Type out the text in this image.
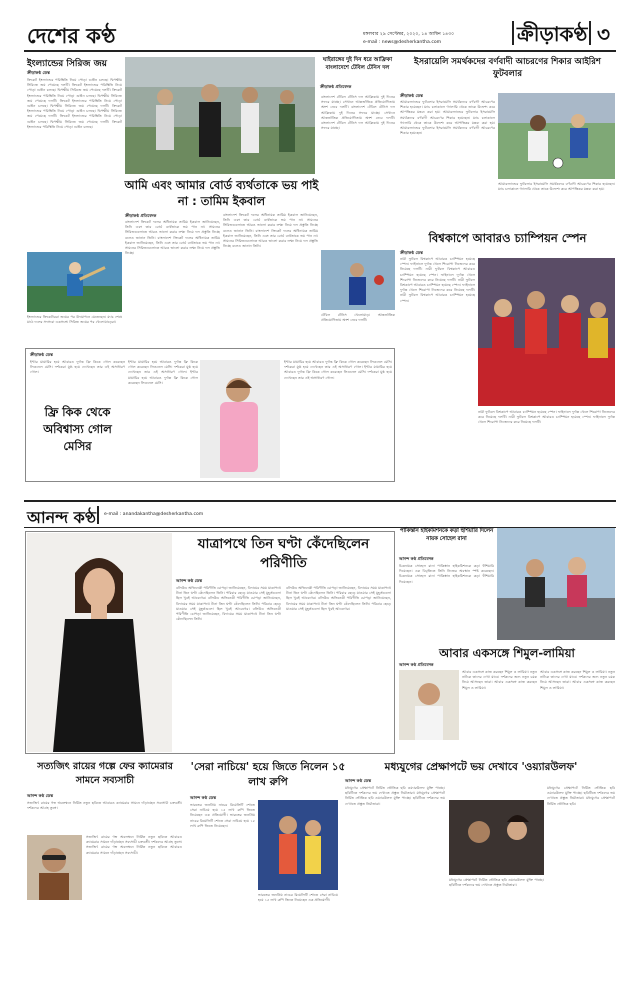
দেশের কণ্ঠ	মঙ্গলবার ২৯ সেপ্টেম্বর, ২০২০, ১৪ আশ্বিন ১৪৩০
e-mail : news@desherkantha.com	ক্রীড়াকণ্ঠ ৩
ইংল্যান্ডের সিরিজ জয়
ক্রীড়াকণ্ঠ ডেস্ক
ক্রিকেট ইংল্যান্ডের পরিস্থিতি নিয়ে পোড়া গুঞ্জন চলছে। দ্বিপক্ষীয় সিরিজে জয় পেয়েছে দলটি। ক্রিকেট ইংল্যান্ডের পরিস্থিতি নিয়ে পোড়া গুঞ্জন চলছে। দ্বিপক্ষীয় সিরিজে জয় পেয়েছে দলটি। ক্রিকেট ইংল্যান্ডের পরিস্থিতি নিয়ে পোড়া গুঞ্জন চলছে। দ্বিপক্ষীয় সিরিজে জয় পেয়েছে দলটি। ক্রিকেট ইংল্যান্ডের পরিস্থিতি নিয়ে পোড়া গুঞ্জন চলছে। দ্বিপক্ষীয় সিরিজে জয় পেয়েছে দলটি। ক্রিকেট ইংল্যান্ডের পরিস্থিতি নিয়ে পোড়া গুঞ্জন চলছে। দ্বিপক্ষীয় সিরিজে জয় পেয়েছে দলটি। ক্রিকেট ইংল্যান্ডের পরিস্থিতি নিয়ে পোড়া গুঞ্জন চলছে। দ্বিপক্ষীয় সিরিজে জয় পেয়েছে দলটি। ক্রিকেট ইংল্যান্ডের পরিস্থিতি নিয়ে পোড়া গুঞ্জন চলছে।
ইংল্যান্ডের ক্রিকেটাররা জয়ের পর উদযাপনে মেতেছেন। ম্যাচ শেষে মাঠে দলের সদস্যরা একসঙ্গে। সিরিজ জয়ের পর খেলোয়াড়েরা।
ঘাইরাঙ্গের দুই দিন ধরে আফ্রিকা বাংলাদেশে টেবিল টেনিস দল
ক্রীড়াকণ্ঠ প্রতিবেদক
ইসরায়েলি সমর্থকদের বর্ণবাদী আচরণের শিকার আইরিশ ফুটবলার
ক্রীড়াকণ্ঠ ডেস্ক
আয়ারল্যান্ডের ফুটবলার ইসরায়েলি সমর্থকদের বর্ণবাদী আচরণের শিকার হয়েছেন। ম্যাচ চলাকালে গ্যালারি থেকে তাকে উদ্দেশ্য করে আপত্তিকর মন্তব্য করা হয়। আয়ারল্যান্ডের ফুটবলার ইসরায়েলি সমর্থকদের বর্ণবাদী আচরণের শিকার হয়েছেন। ম্যাচ চলাকালে গ্যালারি থেকে তাকে উদ্দেশ্য করে আপত্তিকর মন্তব্য করা হয়। আয়ারল্যান্ডের ফুটবলার ইসরায়েলি সমর্থকদের বর্ণবাদী আচরণের শিকার হয়েছেন।
আয়ারল্যান্ডের ফুটবলার ইসরায়েলি সমর্থকদের বর্ণবাদী আচরণের শিকার হয়েছেন। ম্যাচ চলাকালে গ্যালারি থেকে তাকে উদ্দেশ্য করে আপত্তিকর মন্তব্য করা হয়।
আমি এবং আমার বোর্ড ব্যর্থতাকে ভয় পাই না : তামিম ইকবাল
ক্রীড়াকণ্ঠ প্রতিবেদক
বাংলাদেশ ক্রিকেট দলের অধিনায়ক তামিম ইকবাল জানিয়েছেন, তিনি এবং তার বোর্ড ব্যর্থতাকে ভয় পান না। সামনের সিরিজগুলোতে আরও ভালো করার লক্ষ্য নিয়ে দল প্রস্তুতি নিচ্ছে বলেও জানান তিনি। বাংলাদেশ ক্রিকেট দলের অধিনায়ক তামিম ইকবাল জানিয়েছেন, তিনি এবং তার বোর্ড ব্যর্থতাকে ভয় পান না। সামনের সিরিজগুলোতে আরও ভালো করার লক্ষ্য নিয়ে দল প্রস্তুতি নিচ্ছে।
বাংলাদেশ ক্রিকেট দলের অধিনায়ক তামিম ইকবাল জানিয়েছেন, তিনি এবং তার বোর্ড ব্যর্থতাকে ভয় পান না। সামনের সিরিজগুলোতে আরও ভালো করার লক্ষ্য নিয়ে দল প্রস্তুতি নিচ্ছে বলেও জানান তিনি। বাংলাদেশ ক্রিকেট দলের অধিনায়ক তামিম ইকবাল জানিয়েছেন, তিনি এবং তার বোর্ড ব্যর্থতাকে ভয় পান না। সামনের সিরিজগুলোতে আরও ভালো করার লক্ষ্য নিয়ে দল প্রস্তুতি নিচ্ছে বলেও জানান তিনি।
বাংলাদেশ টেবিল টেনিস দল আফ্রিকায় দুই দিনের সফরে যাচ্ছে। সেখানে আন্তর্জাতিক প্রতিযোগিতায় অংশ নেবে দলটি। বাংলাদেশ টেবিল টেনিস দল আফ্রিকায় দুই দিনের সফরে যাচ্ছে। সেখানে আন্তর্জাতিক প্রতিযোগিতায় অংশ নেবে দলটি। বাংলাদেশ টেবিল টেনিস দল আফ্রিকায় দুই দিনের সফরে যাচ্ছে।
টেবিল টেনিস খেলোয়াড়। আন্তর্জাতিক প্রতিযোগিতায় অংশ নেবে দলটি।
বিশ্বকাপে আবারও চ্যাম্পিয়ন স্পেন
ক্রীড়াকণ্ঠ ডেস্ক
নারী ফুটবল বিশ্বকাপে আবারও চ্যাম্পিয়ন হয়েছে স্পেন। ফাইনালে দুর্দান্ত খেলে শিরোপা নিজেদের করে নিয়েছে দলটি। নারী ফুটবল বিশ্বকাপে আবারও চ্যাম্পিয়ন হয়েছে স্পেন। ফাইনালে দুর্দান্ত খেলে শিরোপা নিজেদের করে নিয়েছে দলটি। নারী ফুটবল বিশ্বকাপে আবারও চ্যাম্পিয়ন হয়েছে স্পেন। ফাইনালে দুর্দান্ত খেলে শিরোপা নিজেদের করে নিয়েছে দলটি। নারী ফুটবল বিশ্বকাপে আবারও চ্যাম্পিয়ন হয়েছে স্পেন।
নারী ফুটবল বিশ্বকাপে আবারও চ্যাম্পিয়ন হয়েছে স্পেন। ফাইনালে দুর্দান্ত খেলে শিরোপা নিজেদের করে নিয়েছে দলটি। নারী ফুটবল বিশ্বকাপে আবারও চ্যাম্পিয়ন হয়েছে স্পেন। ফাইনালে দুর্দান্ত খেলে শিরোপা নিজেদের করে নিয়েছে দলটি।
ক্রীড়াকণ্ঠ ডেস্ক
ইন্টার মায়ামির হয়ে আবারও দুর্দান্ত ফ্রি কিকে গোল করেছেন লিওনেল মেসি। দর্শকেরা মুগ্ধ হয়ে দেখেছেন তার এই অসাধারণ গোল।
ফ্রি কিক থেকে অবিশ্বাস্য গোল মেসির
ইন্টার মায়ামির হয়ে আবারও দুর্দান্ত ফ্রি কিকে গোল করেছেন লিওনেল মেসি। দর্শকেরা মুগ্ধ হয়ে দেখেছেন তার এই অসাধারণ গোল। ইন্টার মায়ামির হয়ে আবারও দুর্দান্ত ফ্রি কিকে গোল করেছেন লিওনেল মেসি।
ইন্টার মায়ামির হয়ে আবারও দুর্দান্ত ফ্রি কিকে গোল করেছেন লিওনেল মেসি। দর্শকেরা মুগ্ধ হয়ে দেখেছেন তার এই অসাধারণ গোল। ইন্টার মায়ামির হয়ে আবারও দুর্দান্ত ফ্রি কিকে গোল করেছেন লিওনেল মেসি। দর্শকেরা মুগ্ধ হয়ে দেখেছেন তার এই অসাধারণ গোল।
আনন্দ কণ্ঠ e-mail : anandakantha@desherkantha.com
যাত্রাপথে তিন ঘণ্টা কেঁদেছিলেন পরিণীতি
আনন্দ কণ্ঠ ডেস্ক
বলিউড অভিনেত্রী পরিণীতি চোপড়া জানিয়েছেন, বিদায়ের সময় যাত্রাপথে টানা তিন ঘণ্টা কেঁদেছিলেন তিনি। পরিবার ছেড়ে যাওয়ার সেই মুহূর্তগুলো ছিল খুবই আবেগের। বলিউড অভিনেত্রী পরিণীতি চোপড়া জানিয়েছেন, বিদায়ের সময় যাত্রাপথে টানা তিন ঘণ্টা কেঁদেছিলেন তিনি। পরিবার ছেড়ে যাওয়ার সেই মুহূর্তগুলো ছিল খুবই আবেগের। বলিউড অভিনেত্রী পরিণীতি চোপড়া জানিয়েছেন, বিদায়ের সময় যাত্রাপথে টানা তিন ঘণ্টা কেঁদেছিলেন তিনি।
বলিউড অভিনেত্রী পরিণীতি চোপড়া জানিয়েছেন, বিদায়ের সময় যাত্রাপথে টানা তিন ঘণ্টা কেঁদেছিলেন তিনি। পরিবার ছেড়ে যাওয়ার সেই মুহূর্তগুলো ছিল খুবই আবেগের। বলিউড অভিনেত্রী পরিণীতি চোপড়া জানিয়েছেন, বিদায়ের সময় যাত্রাপথে টানা তিন ঘণ্টা কেঁদেছিলেন তিনি। পরিবার ছেড়ে যাওয়ার সেই মুহূর্তগুলো ছিল খুবই আবেগের।
পাকিস্তান হাইকমিশনকে কড়া হুঁশিয়ারি দিলেন নায়ক সোহেল রানা
আনন্দ কণ্ঠ প্রতিবেদক
চিত্রনায়ক সোহেল রানা পাকিস্তান হাইকমিশনকে কড়া হুঁশিয়ারি দিয়েছেন। এক বিবৃতিতে তিনি নিজের অবস্থান স্পষ্ট করেছেন। চিত্রনায়ক সোহেল রানা পাকিস্তান হাইকমিশনকে কড়া হুঁশিয়ারি দিয়েছেন।
আবার একসঙ্গে শিমুল-লামিয়া
আনন্দ কণ্ঠ প্রতিবেদক
আবার একসঙ্গে কাজ করছেন শিমুল ও লামিয়া। নতুন নাটকে তাদের দেখা যাবে। দর্শকদের জন্য নতুন চমক নিয়ে আসছেন তারা। আবার একসঙ্গে কাজ করছেন শিমুল ও লামিয়া।
আবার একসঙ্গে কাজ করছেন শিমুল ও লামিয়া। নতুন নাটকে তাদের দেখা যাবে। দর্শকদের জন্য নতুন চমক নিয়ে আসছেন তারা। আবার একসঙ্গে কাজ করছেন শিমুল ও লামিয়া।
সত্যজিৎ রায়ের গল্পে ফের ক্যামেরার সামনে সব্যসাচী
আনন্দ কণ্ঠ ডেস্ক
সত্যজিৎ রায়ের গল্প অবলম্বনে নির্মিত নতুন ছবিতে আবারও ক্যামেরার সামনে দাঁড়াচ্ছেন সব্যসাচী চক্রবর্তী। দর্শকদের আগ্রহ তুঙ্গে।
সত্যজিৎ রায়ের গল্প অবলম্বনে নির্মিত নতুন ছবিতে আবারও ক্যামেরার সামনে দাঁড়াচ্ছেন সব্যসাচী চক্রবর্তী। দর্শকদের আগ্রহ তুঙ্গে। সত্যজিৎ রায়ের গল্প অবলম্বনে নির্মিত নতুন ছবিতে আবারও ক্যামেরার সামনে দাঁড়াচ্ছেন সব্যসাচী।
'সেরা নাচিয়ে' হয়ে জিতে নিলেন ১৫ লাখ রুপি
আনন্দ কণ্ঠ ডেস্ক
ভারতের জনপ্রিয় নাচের রিয়েলিটি শোতে সেরা নাচিয়ে হয়ে ১৫ লাখ রুপি জিতে নিয়েছেন এক প্রতিযোগী। ভারতের জনপ্রিয় নাচের রিয়েলিটি শোতে সেরা নাচিয়ে হয়ে ১৫ লাখ রুপি জিতে নিয়েছেন।
ভারতের জনপ্রিয় নাচের রিয়েলিটি শোতে সেরা নাচিয়ে হয়ে ১৫ লাখ রুপি জিতে নিয়েছেন এক প্রতিযোগী।
মধ্যযুগের প্রেক্ষাপটে ভয় দেখাবে 'ওয়্যারউলফ'
আনন্দ কণ্ঠ ডেস্ক
মধ্যযুগের প্রেক্ষাপটে নির্মিত ভৌতিক ছবি ওয়্যারউলফ মুক্তি পাচ্ছে। ছবিটিতে দর্শকদের ভয় দেখাতে প্রস্তুত নির্মাতারা। মধ্যযুগের প্রেক্ষাপটে নির্মিত ভৌতিক ছবি ওয়্যারউলফ মুক্তি পাচ্ছে। ছবিটিতে দর্শকদের ভয় দেখাতে প্রস্তুত নির্মাতারা।
মধ্যযুগের প্রেক্ষাপটে নির্মিত ভৌতিক ছবি ওয়্যারউলফ মুক্তি পাচ্ছে। ছবিটিতে দর্শকদের ভয় দেখাতে প্রস্তুত নির্মাতারা। মধ্যযুগের প্রেক্ষাপটে নির্মিত ভৌতিক ছবি।
মধ্যযুগের প্রেক্ষাপটে নির্মিত ভৌতিক ছবি ওয়্যারউলফ মুক্তি পাচ্ছে। ছবিটিতে দর্শকদের ভয় দেখাতে প্রস্তুত নির্মাতারা।
